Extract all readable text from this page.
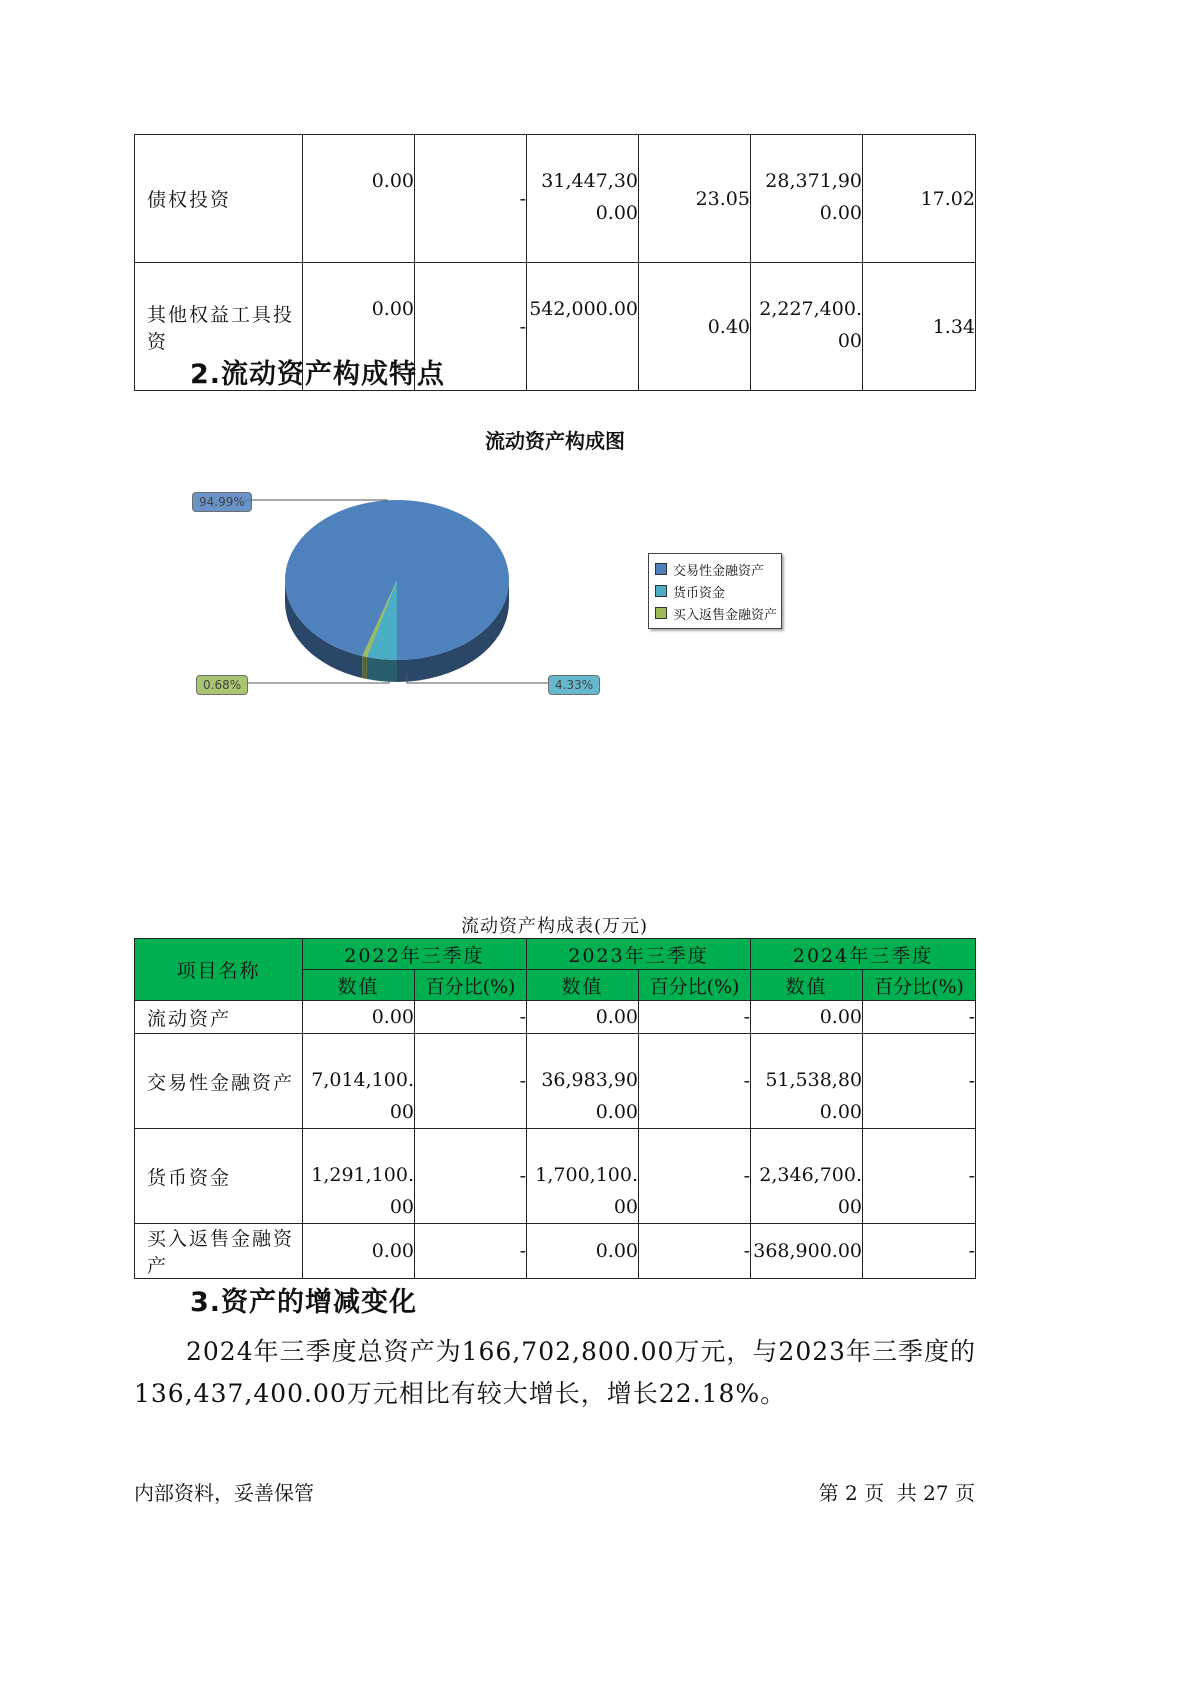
债权投资	0.00	-	31,447,300.00	23.05	28,371,900.00	17.02
其他权益工具投资	0.00	-	542,000.00	0.40	2,227,400.00	1.34
2.流动资产构成特点
流动资产构成图
94.99%
4.33%
0.68%
交易性金融资产
货币资金
买入返售金融资产
流动资产构成表(万元)
项目名称	2022年三季度		2023年三季度		2024年三季度	
	数值	百分比(%)	数值	百分比(%)	数值	百分比(%)
流动资产	0.00	-	0.00	-	0.00	-
交易性金融资产	7,014,100.00	-	36,983,900.00	-	51,538,800.00	-
货币资金	1,291,100.00	-	1,700,100.00	-	2,346,700.00	-
买入返售金融资产	0.00	-	0.00	-	368,900.00	-
3.资产的增减变化

2024年三季度总资产为166,702,800.00万元，与2023年三季度的

136,437,400.00万元相比有较大增长，增长22.18%。

内部资料，妥善保管	第 2 页  共 27 页
